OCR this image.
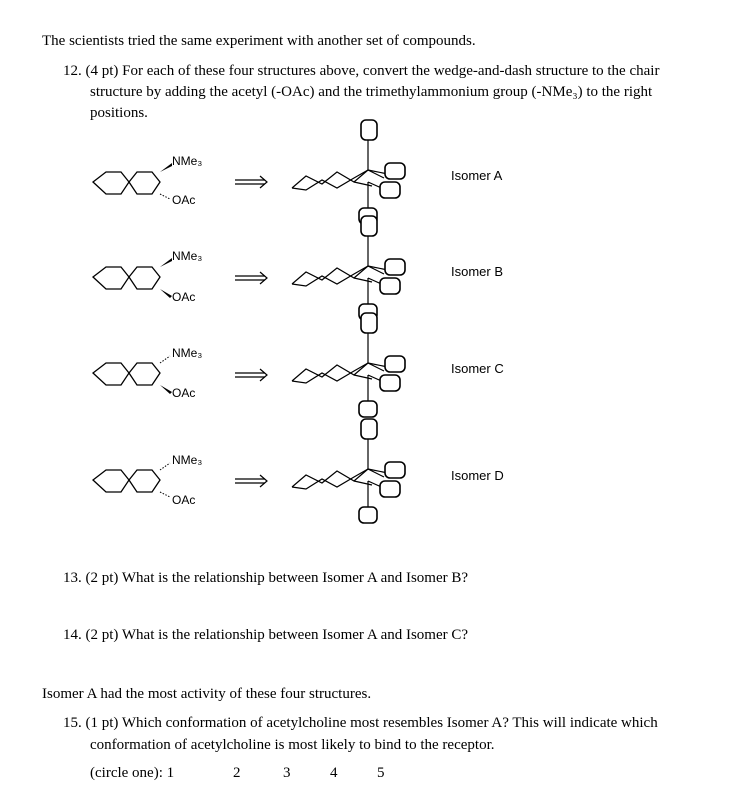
The scientists tried the same experiment with another set of compounds.
12. (4 pt) For each of these four structures above, convert the wedge-and-dash structure to the chair structure by adding the acetyl (-OAc) and the trimethylammonium group (-NMe₃) to the right positions.
NMe₃
OAc
Isomer A
NMe₃
OAc
Isomer B
NMe₃
OAc
Isomer C
NMe₃
OAc
Isomer D
13. (2 pt) What is the relationship between Isomer A and Isomer B?
14. (2 pt) What is the relationship between Isomer A and Isomer C?
Isomer A had the most activity of these four structures.
15. (1 pt) Which conformation of acetylcholine most resembles Isomer A? This will indicate which conformation of acetylcholine is most likely to bind to the receptor.
(circle one): 1	2	3	4	5
